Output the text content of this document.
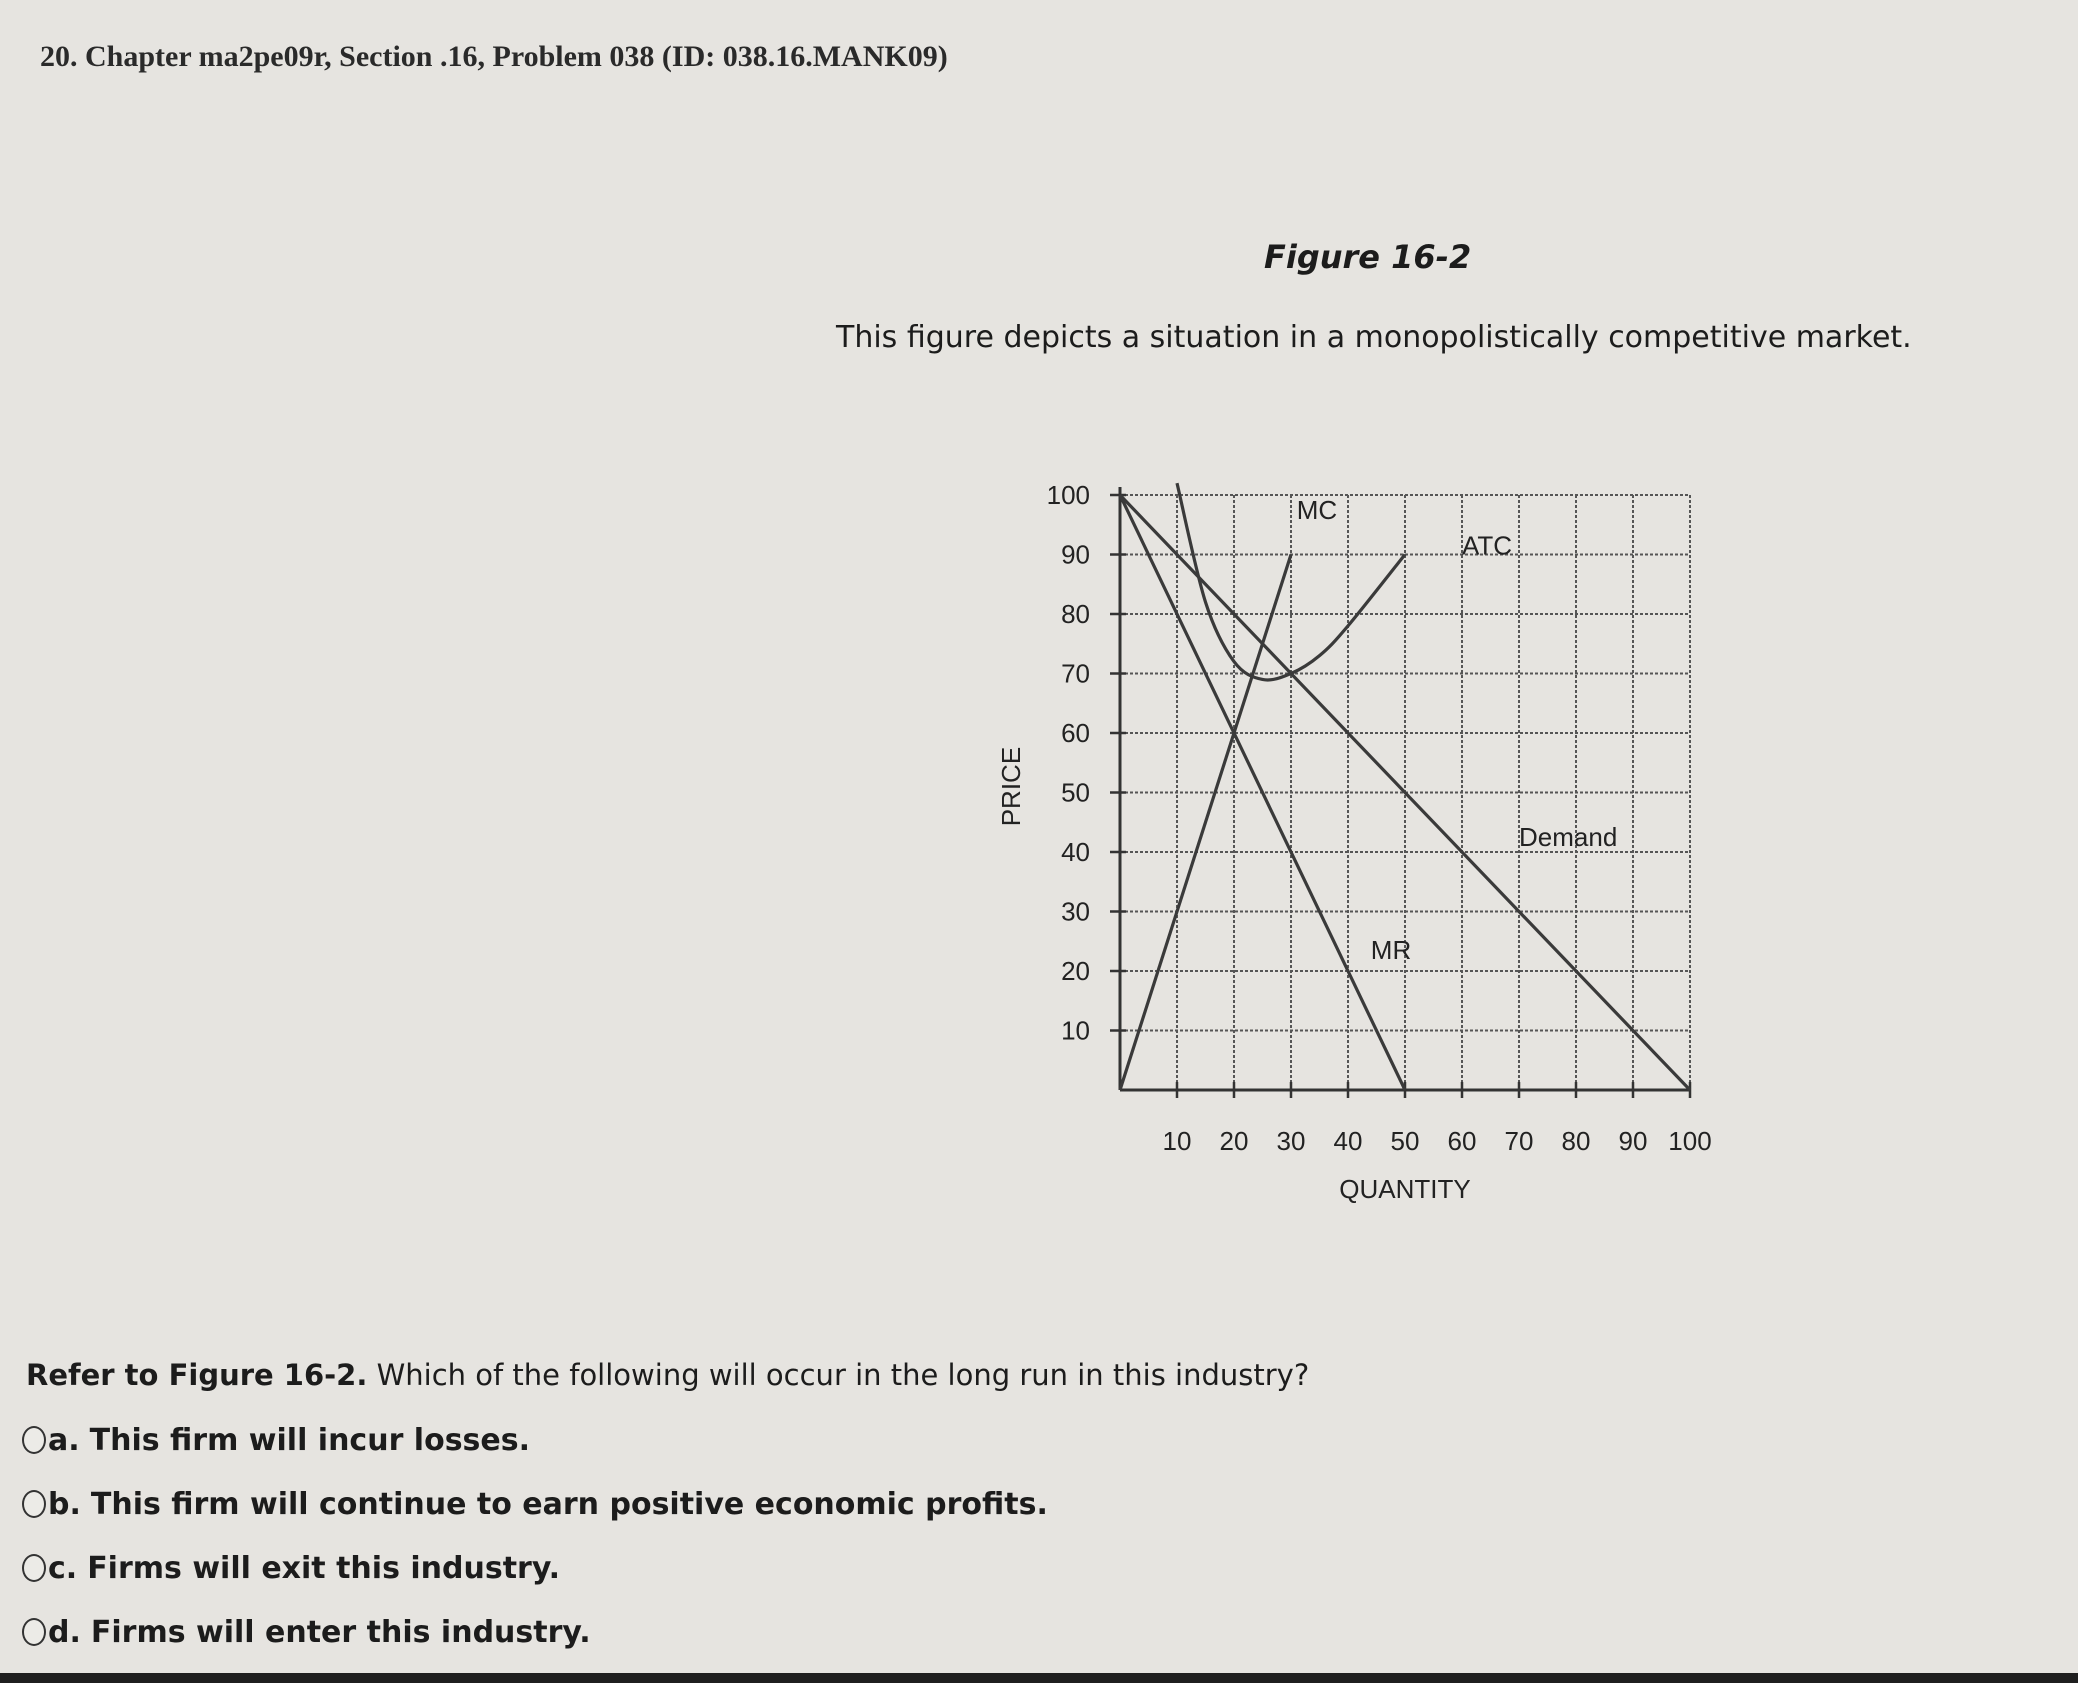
20. Chapter ma2pe09r, Section .16, Problem 038 (ID: 038.16.MANK09)
Figure 16-2
This figure depicts a situation in a monopolistically competitive market.
10 20 30 40 50 60 70 80 90 100
10
20
30
40
50
60
70
80
90
100
QUANTITY
PRICE
MC
ATC
Demand
MR
Refer to Figure 16-2. Which of the following will occur in the long run in this industry?
a. This firm will incur losses.
b. This firm will continue to earn positive economic profits.
c. Firms will exit this industry.
d. Firms will enter this industry.
